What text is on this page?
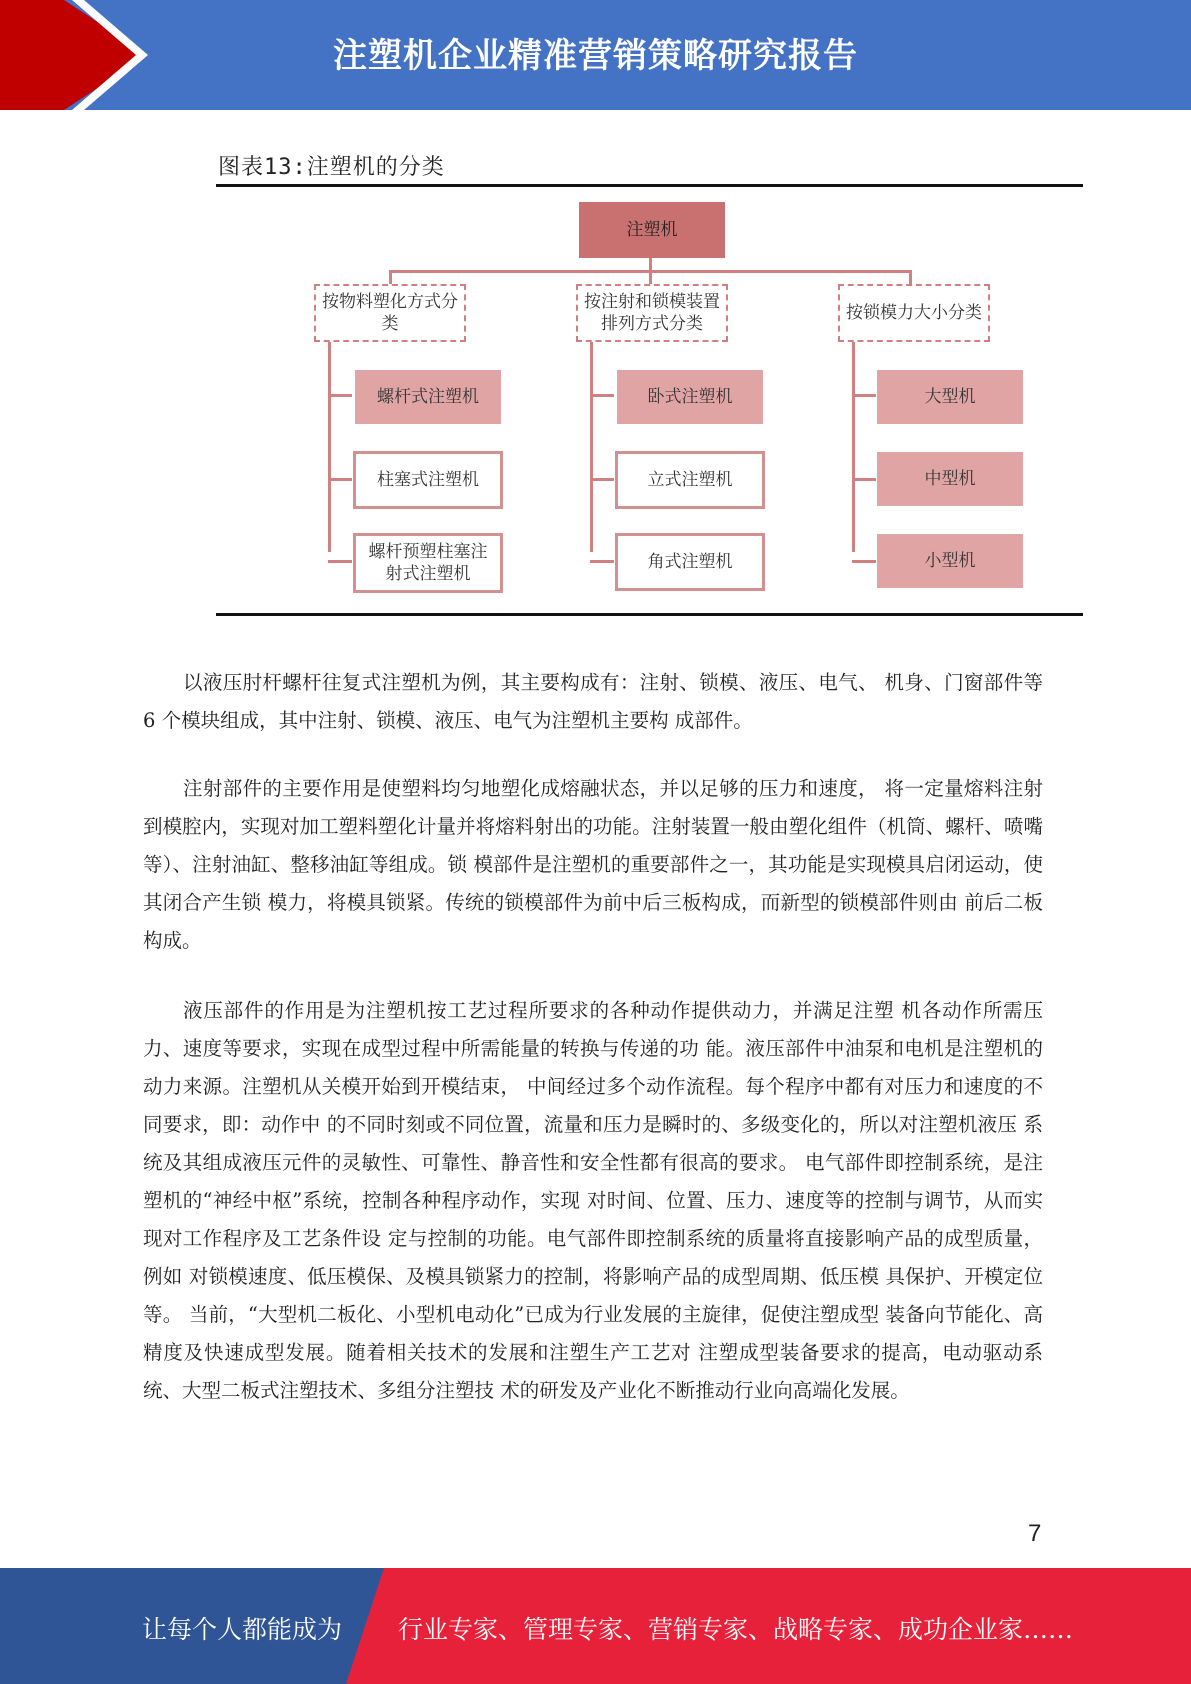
注塑机企业精准营销策略研究报告
图表13:注塑机的分类
注塑机
按物料塑化方式分类
按注射和锁模装置排列方式分类
按锁模力大小分类
螺杆式注塑机
柱塞式注塑机
螺杆预塑柱塞注射式注塑机
卧式注塑机
立式注塑机
角式注塑机
大型机
中型机
小型机

以液压肘杆螺杆往复式注塑机为例，其主要构成有：注射、锁模、液压、电气、 机身、门窗部件等 6 个模块组成，其中注射、锁模、液压、电气为注塑机主要构 成部件。

注射部件的主要作用是使塑料均匀地塑化成熔融状态，并以足够的压力和速度， 将一定量熔料注射到模腔内，实现对加工塑料塑化计量并将熔料射出的功能。注射装置一般由塑化组件（机筒、螺杆、喷嘴等）、注射油缸、整移油缸等组成。锁 模部件是注塑机的重要部件之一，其功能是实现模具启闭运动，使其闭合产生锁 模力，将模具锁紧。传统的锁模部件为前中后三板构成，而新型的锁模部件则由 前后二板构成。

液压部件的作用是为注塑机按工艺过程所要求的各种动作提供动力，并满足注塑 机各动作所需压力、速度等要求，实现在成型过程中所需能量的转换与传递的功 能。液压部件中油泵和电机是注塑机的动力来源。注塑机从关模开始到开模结束， 中间经过多个动作流程。每个程序中都有对压力和速度的不同要求，即：动作中 的不同时刻或不同位置，流量和压力是瞬时的、多级变化的，所以对注塑机液压 系统及其组成液压元件的灵敏性、可靠性、静音性和安全性都有很高的要求。 电气部件即控制系统，是注塑机的“神经中枢”系统，控制各种程序动作，实现 对时间、位置、压力、速度等的控制与调节，从而实现对工作程序及工艺条件设 定与控制的功能。电气部件即控制系统的质量将直接影响产品的成型质量，例如 对锁模速度、低压模保、及模具锁紧力的控制，将影响产品的成型周期、低压模 具保护、开模定位等。 当前，“大型机二板化、小型机电动化”已成为行业发展的主旋律，促使注塑成型 装备向节能化、高精度及快速成型发展。随着相关技术的发展和注塑生产工艺对 注塑成型装备要求的提高，电动驱动系统、大型二板式注塑技术、多组分注塑技 术的研发及产业化不断推动行业向高端化发展。

7
让每个人都能成为 行业专家、管理专家、营销专家、战略专家、成功企业家……
